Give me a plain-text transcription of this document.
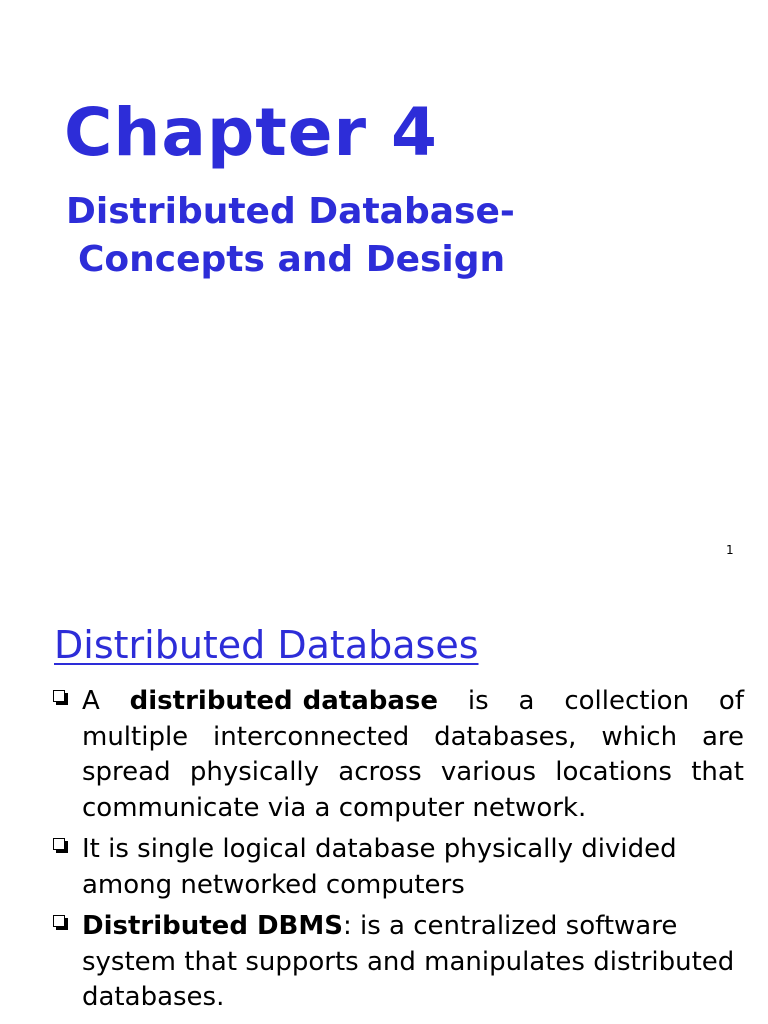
Chapter 4
Distributed Database-
Concepts and Design
1
Distributed Databases
A distributed database is a collection of multiple interconnected databases, which are spread physically across various locations that communicate via a computer network.
It is single logical database physically divided among networked computers
Distributed DBMS: is a centralized software system that supports and manipulates distributed databases.
